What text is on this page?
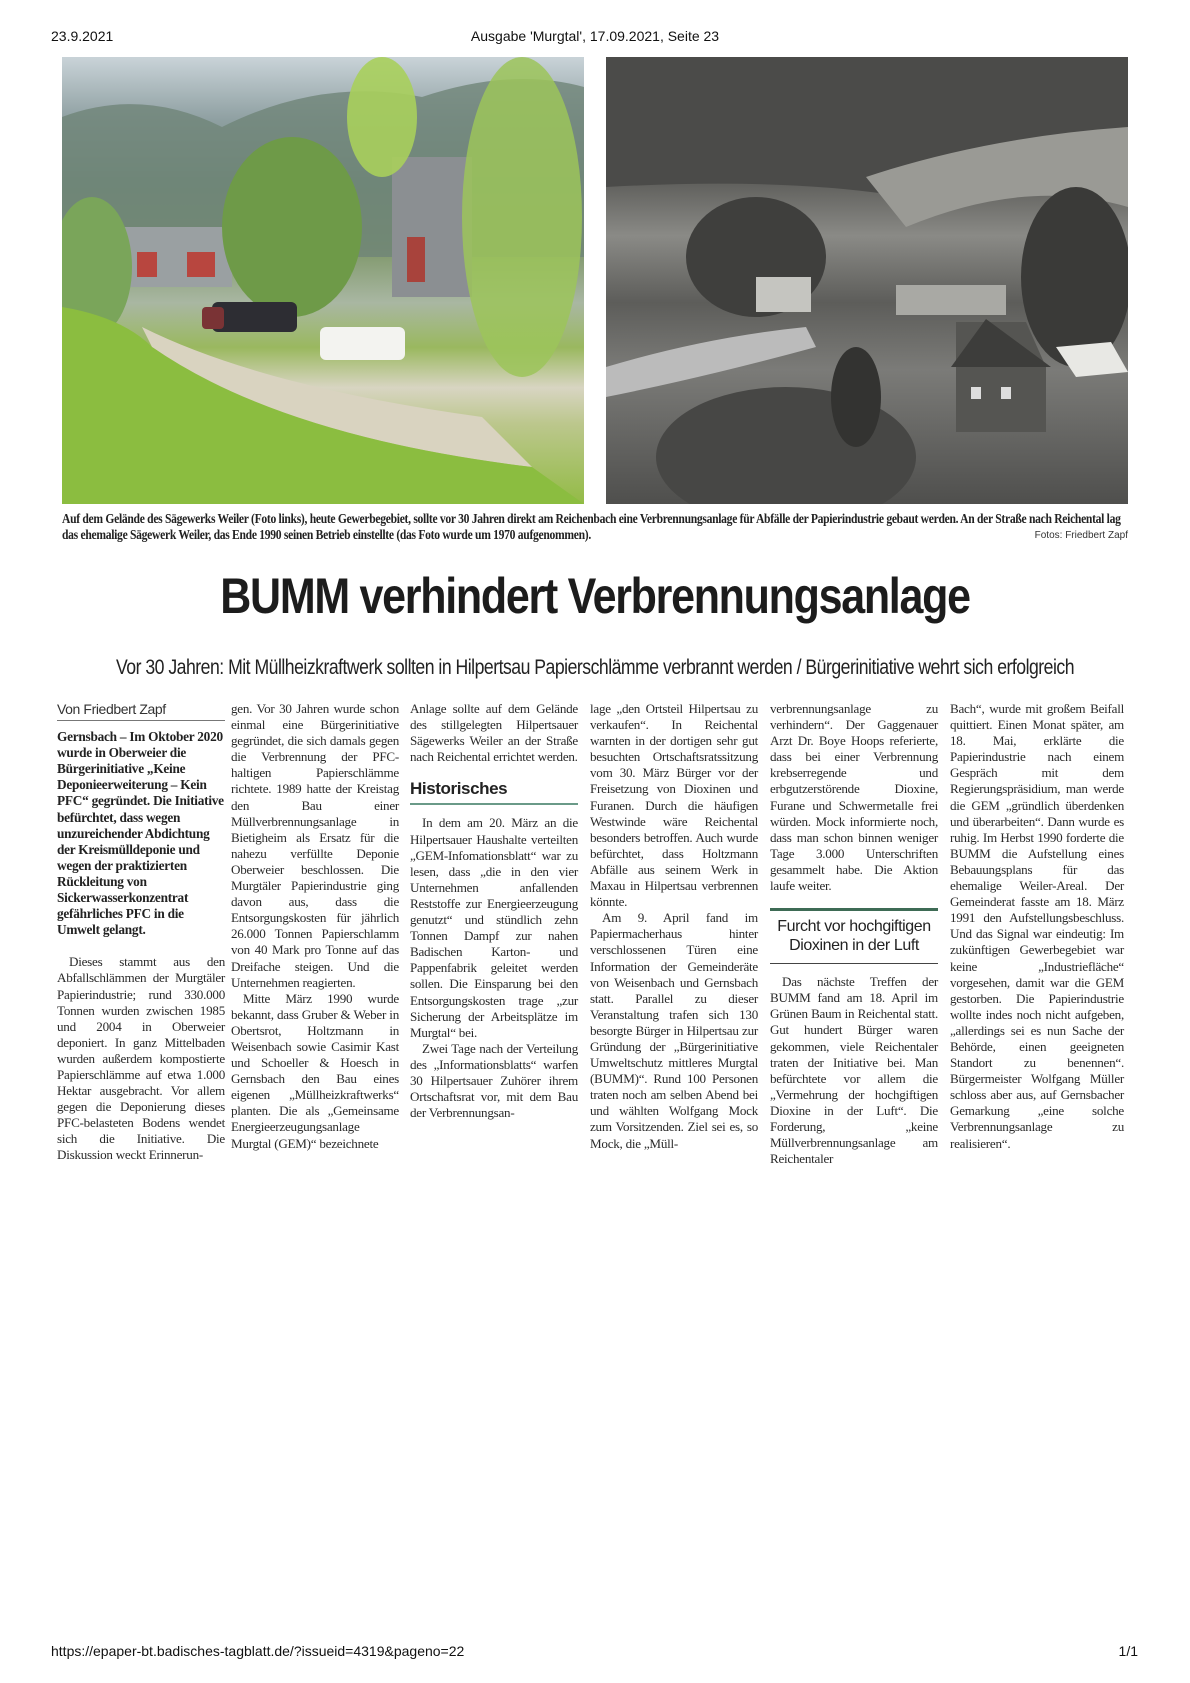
23.9.2021	Ausgabe 'Murgtal', 17.09.2021, Seite 23
Auf dem Gelände des Sägewerks Weiler (Foto links), heute Gewerbegebiet, sollte vor 30 Jahren direkt am Reichenbach eine Verbrennungsanlage für Abfälle der Papierindustrie gebaut werden. An der Straße nach Reichental lag das ehemalige Sägewerk Weiler, das Ende 1990 seinen Betrieb einstellte (das Foto wurde um 1970 aufgenommen).	Fotos: Friedbert Zapf
BUMM verhindert Verbrennungsanlage
Vor 30 Jahren: Mit Müllheizkraftwerk sollten in Hilpertsau Papierschlämme verbrannt werden / Bürgerinitiative wehrt sich erfolgreich
Von Friedbert Zapf

Gernsbach – Im Oktober 2020 wurde in Oberweier die Bürgerinitiative „Keine Deponieerweiterung – Kein PFC“ gegründet. Die Initiative befürchtet, dass wegen unzureichender Abdichtung der Kreismülldeponie und wegen der praktizierten Rückleitung von Sickerwasserkonzentrat gefährliches PFC in die Umwelt gelangt.

Dieses stammt aus den Abfallschlämmen der Murgtäler Papierindustrie; rund 330.000 Tonnen wurden zwischen 1985 und 2004 in Oberweier deponiert. In ganz Mittelbaden wurden außerdem kompostierte Papierschlämme auf etwa 1.000 Hektar ausgebracht. Vor allem gegen die Deponierung dieses PFC-belasteten Bodens wendet sich die Initiative. Die Diskussion weckt Erinnerun-

gen. Vor 30 Jahren wurde schon einmal eine Bürgerinitiative gegründet, die sich damals gegen die Verbrennung der PFC-haltigen Papierschlämme richtete. 1989 hatte der Kreistag den Bau einer Müllverbrennungsanlage in Bietigheim als Ersatz für die nahezu verfüllte Deponie Oberweier beschlossen. Die Murgtäler Papierindustrie ging davon aus, dass die Entsorgungskosten für jährlich 26.000 Tonnen Papierschlamm von 40 Mark pro Tonne auf das Dreifache steigen. Und die Unternehmen reagierten.

Mitte März 1990 wurde bekannt, dass Gruber & Weber in Obertsrot, Holtzmann in Weisenbach sowie Casimir Kast und Schoeller & Hoesch in Gernsbach den Bau eines eigenen „Müllheizkraftwerks“ planten. Die als „Gemeinsame Energieerzeugungsanlage Murgtal (GEM)“ bezeichnete

Anlage sollte auf dem Gelände des stillgelegten Hilpertsauer Sägewerks Weiler an der Straße nach Reichental errichtet werden.

Historisches

In dem am 20. März an die Hilpertsauer Haushalte verteilten „GEM-Infomationsblatt“ war zu lesen, dass „die in den vier Unternehmen anfallenden Reststoffe zur Energieerzeugung genutzt“ und stündlich zehn Tonnen Dampf zur nahen Badischen Karton- und Pappenfabrik geleitet werden sollen. Die Einsparung bei den Entsorgungskosten trage „zur Sicherung der Arbeitsplätze im Murgtal“ bei.

Zwei Tage nach der Verteilung des „Informationsblatts“ warfen 30 Hilpertsauer Zuhörer ihrem Ortschaftsrat vor, mit dem Bau der Verbrennungsan-

lage „den Ortsteil Hilpertsau zu verkaufen“. In Reichental warnten in der dortigen sehr gut besuchten Ortschaftsratssitzung vom 30. März Bürger vor der Freisetzung von Dioxinen und Furanen. Durch die häufigen Westwinde wäre Reichental besonders betroffen. Auch wurde befürchtet, dass Holtzmann Abfälle aus seinem Werk in Maxau in Hilpertsau verbrennen könnte.

Am 9. April fand im Papiermacherhaus hinter verschlossenen Türen eine Information der Gemeinderäte von Weisenbach und Gernsbach statt. Parallel zu dieser Veranstaltung trafen sich 130 besorgte Bürger in Hilpertsau zur Gründung der „Bürgerinitiative Umweltschutz mittleres Murgtal (BUMM)“. Rund 100 Personen traten noch am selben Abend bei und wählten Wolfgang Mock zum Vorsitzenden. Ziel sei es, so Mock, die „Müll-

verbrennungsanlage zu verhindern“. Der Gaggenauer Arzt Dr. Boye Hoops referierte, dass bei einer Verbrennung krebserregende und erbgutzerstörende Dioxine, Furane und Schwermetalle frei würden. Mock informierte noch, dass man schon binnen weniger Tage 3.000 Unterschriften gesammelt habe. Die Aktion laufe weiter.

Furcht vor hochgiftigen Dioxinen in der Luft

Das nächste Treffen der BUMM fand am 18. April im Grünen Baum in Reichental statt. Gut hundert Bürger waren gekommen, viele Reichentaler traten der Initiative bei. Man befürchtete vor allem die „Vermehrung der hochgiftigen Dioxine in der Luft“. Die Forderung, „keine Müllverbrennungsanlage am Reichentaler

Bach“, wurde mit großem Beifall quittiert. Einen Monat später, am 18. Mai, erklärte die Papierindustrie nach einem Gespräch mit dem Regierungspräsidium, man werde die GEM „gründlich überdenken und überarbeiten“. Dann wurde es ruhig. Im Herbst 1990 forderte die BUMM die Aufstellung eines Bebauungsplans für das ehemalige Weiler-Areal. Der Gemeinderat fasste am 18. März 1991 den Aufstellungsbeschluss. Und das Signal war eindeutig: Im zukünftigen Gewerbegebiet war keine „Industriefläche“ vorgesehen, damit war die GEM gestorben. Die Papierindustrie wollte indes noch nicht aufgeben, „allerdings sei es nun Sache der Behörde, einen geeigneten Standort zu benennen“. Bürgermeister Wolfgang Müller schloss aber aus, auf Gernsbacher Gemarkung „eine solche Verbrennungsanlage zu realisieren“.

https://epaper-bt.badisches-tagblatt.de/?issueid=4319&pageno=22	1/1
